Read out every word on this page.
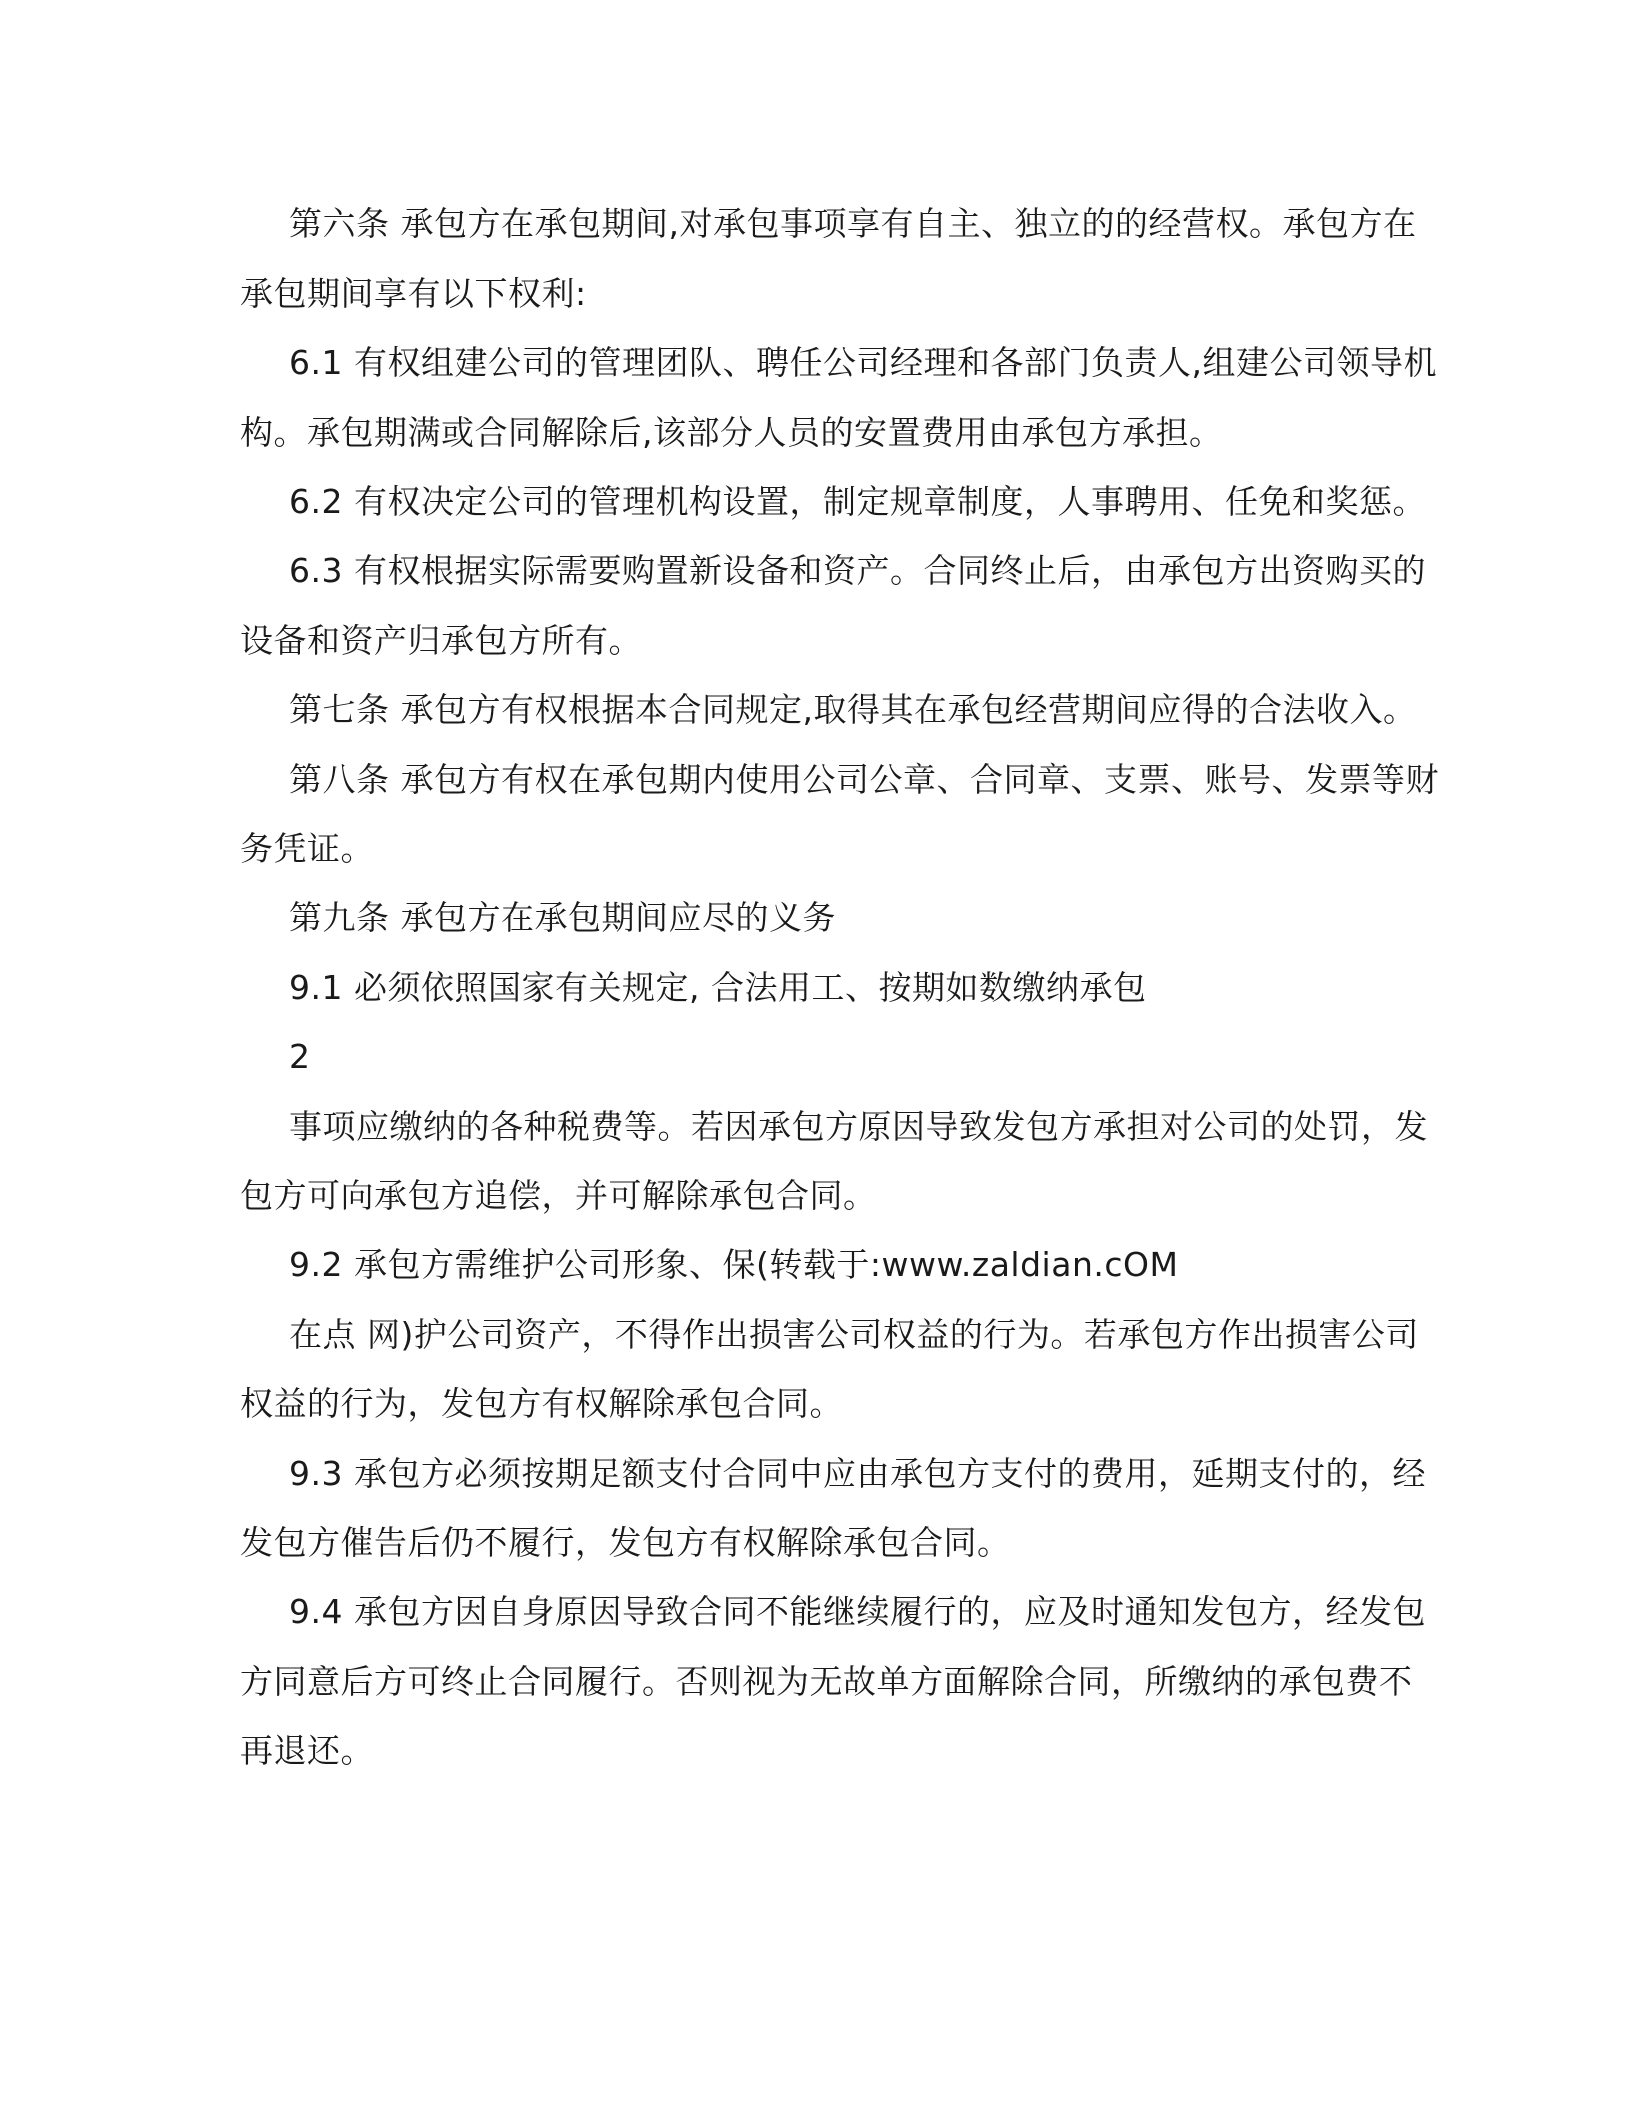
第六条 承包方在承包期间,对承包事项享有自主、独立的的经营权。承包方在
承包期间享有以下权利:
6.1 有权组建公司的管理团队、聘任公司经理和各部门负责人,组建公司领导机
构。承包期满或合同解除后,该部分人员的安置费用由承包方承担。
6.2 有权决定公司的管理机构设置，制定规章制度，人事聘用、任免和奖惩。
6.3 有权根据实际需要购置新设备和资产。合同终止后，由承包方出资购买的
设备和资产归承包方所有。
第七条 承包方有权根据本合同规定,取得其在承包经营期间应得的合法收入。
第八条 承包方有权在承包期内使用公司公章、合同章、支票、账号、发票等财
务凭证。
第九条 承包方在承包期间应尽的义务
9.1 必须依照国家有关规定, 合法用工、按期如数缴纳承包
2
事项应缴纳的各种税费等。若因承包方原因导致发包方承担对公司的处罚，发
包方可向承包方追偿，并可解除承包合同。
9.2 承包方需维护公司形象、保(转载于:www.zaldian.cOM
在点 网)护公司资产，不得作出损害公司权益的行为。若承包方作出损害公司
权益的行为，发包方有权解除承包合同。
9.3 承包方必须按期足额支付合同中应由承包方支付的费用，延期支付的，经
发包方催告后仍不履行，发包方有权解除承包合同。
9.4 承包方因自身原因导致合同不能继续履行的，应及时通知发包方，经发包
方同意后方可终止合同履行。否则视为无故单方面解除合同，所缴纳的承包费不
再退还。
